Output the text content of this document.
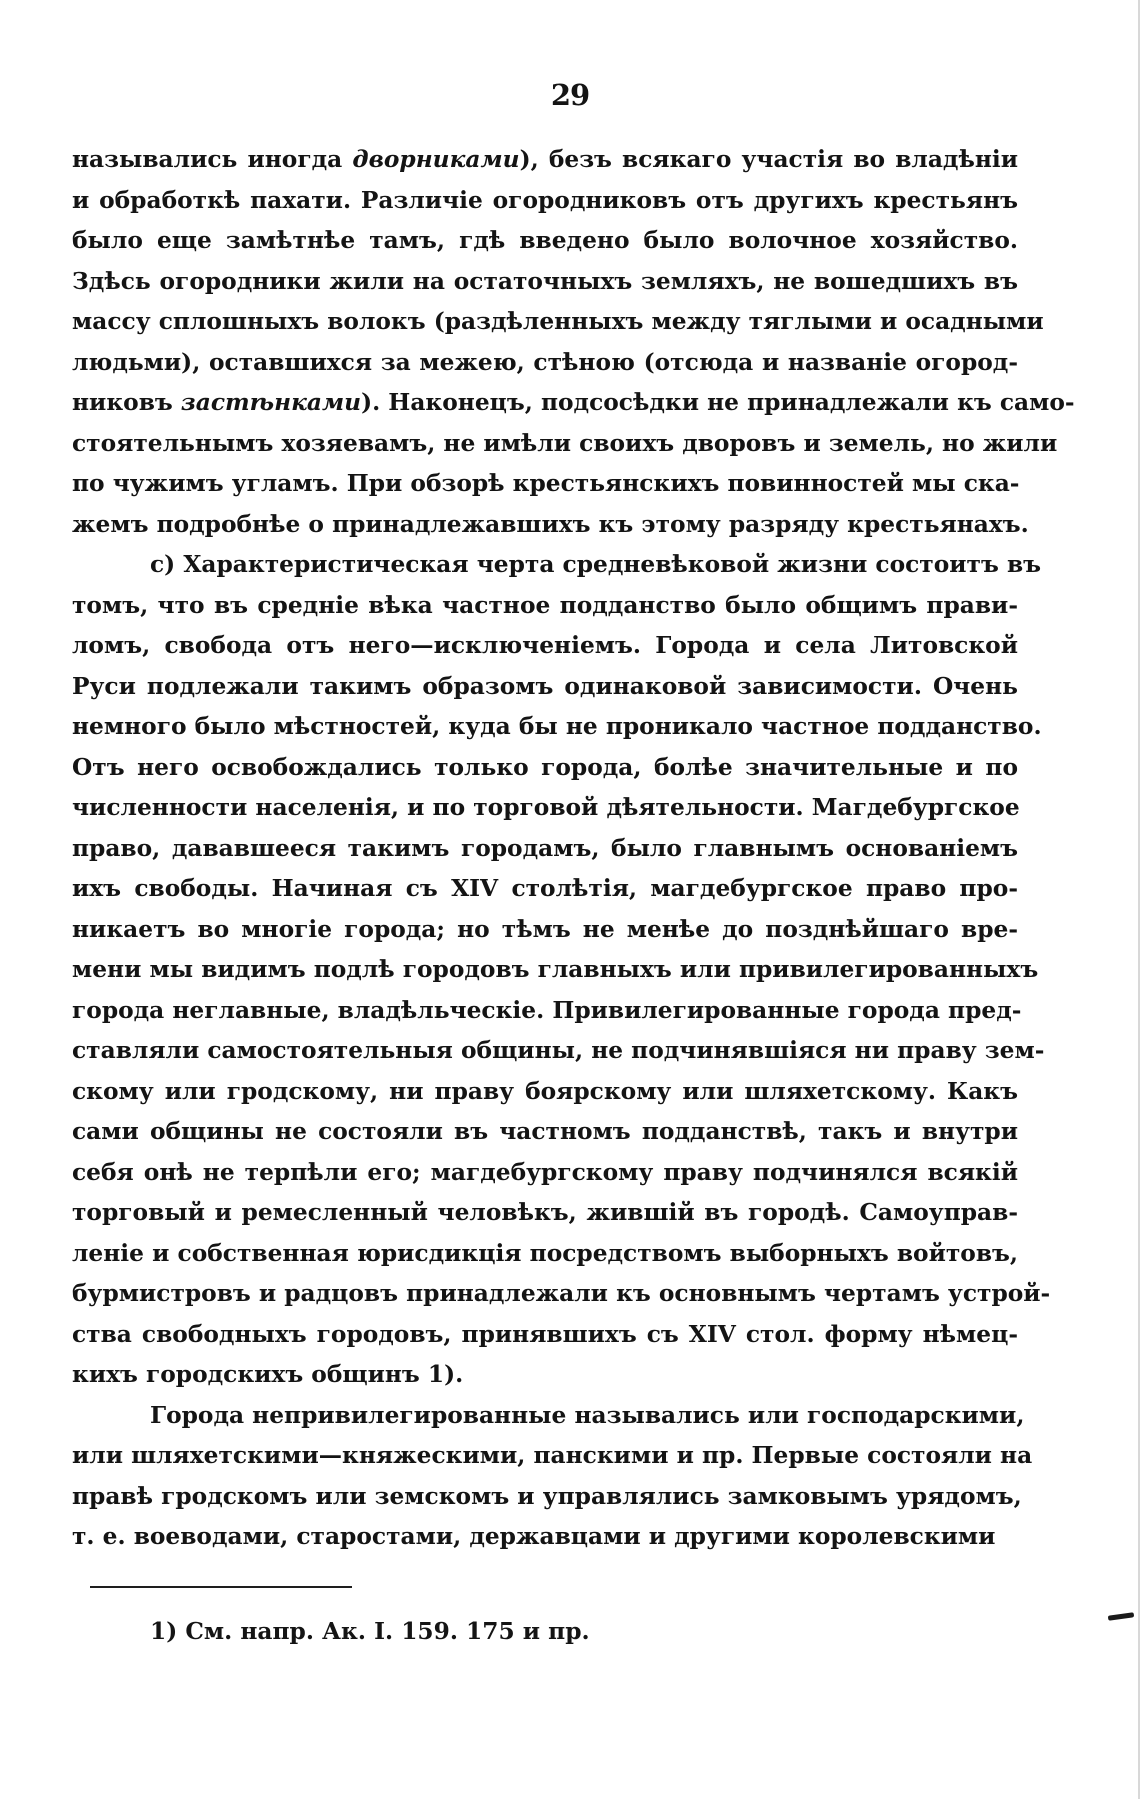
29
назывались иногда дворниками), безъ всякаго участія во владѣніи
и обработкѣ пахати. Различіе огородниковъ отъ другихъ крестьянъ
было еще замѣтнѣе тамъ, гдѣ введено было волочное хозяйство.
Здѣсь огородники жили на остаточныхъ земляхъ, не вошедшихъ въ
массу сплошныхъ волокъ (раздѣленныхъ между тяглыми и осадными
людьми), оставшихся за межею, стѣною (отсюда и названіе огород-
никовъ застѣнками). Наконецъ, подсосѣдки не принадлежали къ само-
стоятельнымъ хозяевамъ, не имѣли своихъ дворовъ и земель, но жили
по чужимъ угламъ. При обзорѣ крестьянскихъ повинностей мы ска-
жемъ подробнѣе о принадлежавшихъ къ этому разряду крестьянахъ.
с) Характеристическая черта средневѣковой жизни состоитъ въ
томъ, что въ средніе вѣка частное подданство было общимъ прави-
ломъ, свобода отъ него—исключеніемъ. Города и села Литовской
Руси подлежали такимъ образомъ одинаковой зависимости. Очень
немного было мѣстностей, куда бы не проникало частное подданство.
Отъ него освобождались только города, болѣе значительные и по
численности населенія, и по торговой дѣятельности. Магдебургское
право, дававшееся такимъ городамъ, было главнымъ основаніемъ
ихъ свободы. Начиная съ XIV столѣтія, магдебургское право про-
никаетъ во многіе города; но тѣмъ не менѣе до позднѣйшаго вре-
мени мы видимъ подлѣ городовъ главныхъ или привилегированныхъ
города неглавные, владѣльческіе. Привилегированные города пред-
ставляли самостоятельныя общины, не подчинявшіяся ни праву зем-
скому или гродскому, ни праву боярскому или шляхетскому. Какъ
сами общины не состояли въ частномъ подданствѣ, такъ и внутри
себя онѣ не терпѣли его; магдебургскому праву подчинялся всякій
торговый и ремесленный человѣкъ, жившій въ городѣ. Самоуправ-
леніе и собственная юрисдикція посредствомъ выборныхъ войтовъ,
бурмистровъ и радцовъ принадлежали къ основнымъ чертамъ устрой-
ства свободныхъ городовъ, принявшихъ съ XIV стол. форму нѣмец-
кихъ городскихъ общинъ 1).
Города непривилегированные назывались или господарскими,
или шляхетскими—княжескими, панскими и пр. Первые состояли на
правѣ гродскомъ или земскомъ и управлялись замковымъ урядомъ,
т. е. воеводами, старостами, державцами и другими королевскими
1) См. напр. Ак. I. 159. 175 и пр.
